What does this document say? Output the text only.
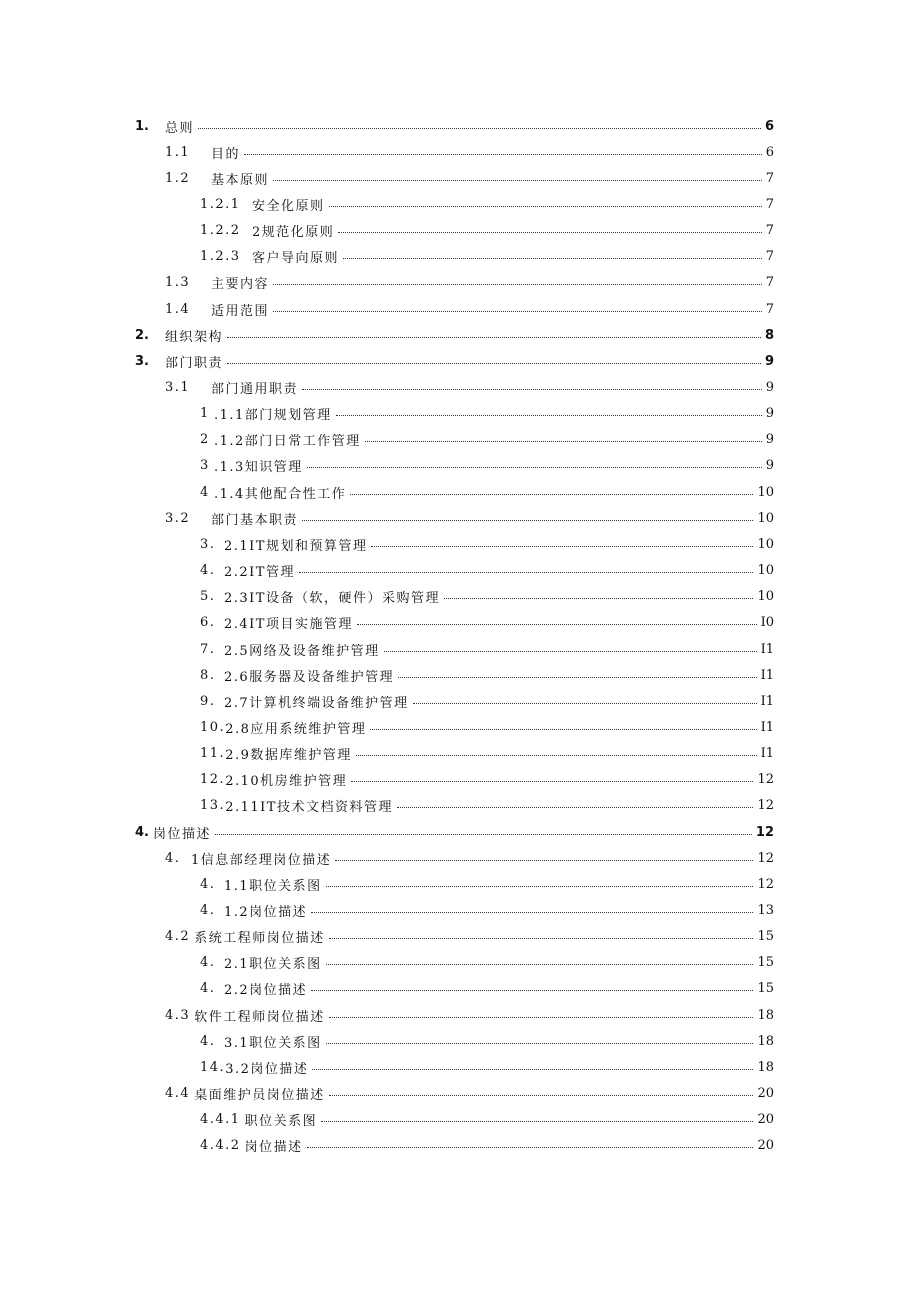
1.	总则	6
1.1	目的	6
1.2	基本原则	7
1.2.1 安全化原则	7
1.2.2 2规范化原则	7
1.2.3 客户导向原则	7
1.3	主要内容	7
1.4	适用范围	7
2.	组织架构	8
3.	部门职责	9
3.1	部门通用职责	9
1 .1.1部门规划管理	9
2 .1.2部门日常工作管理	9
3 .1.3知识管理	9
4 .1.4其他配合性工作	10
3.2	部门基本职责	10
3. 2.1IT规划和预算管理	10
4. 2.2IT管理	10
5. 2.3IT设备（软，硬件）采购管理	10
6. 2.4IT项目实施管理	I0
7. 2.5网络及设备维护管理	I1
8. 2.6服务器及设备维护管理	I1
9. 2.7计算机终端设备维护管理	I1
10. 2.8应用系统维护管理	I1
11. 2.9数据库维护管理	I1
12. 2.10机房维护管理	12
13. 2.11IT技术文档资料管理	12
4. 岗位描述	12
4. 1信息部经理岗位描述	12
4. 1.1职位关系图	12
4. 1.2岗位描述	13
4.2 系统工程师岗位描述	15
4. 2.1职位关系图	15
4. 2.2岗位描述	15
4.3 软件工程师岗位描述	18
4. 3.1职位关系图	18
14. 3.2岗位描述	18
4.4 桌面维护员岗位描述	20
4.4.1 职位关系图	20
4.4.2 岗位描述	20
